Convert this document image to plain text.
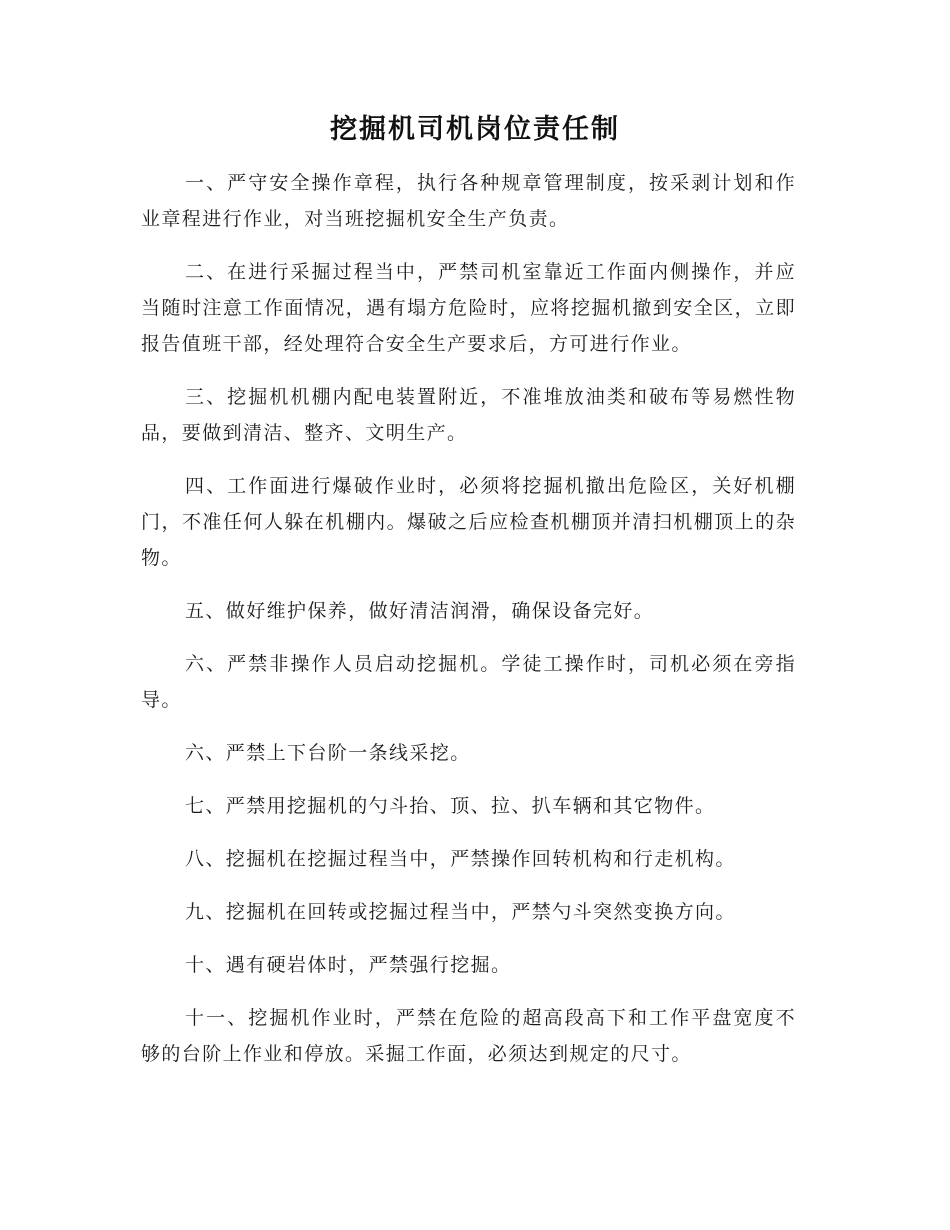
挖掘机司机岗位责任制

一、严守安全操作章程，执行各种规章管理制度，按采剥计划和作业章程进行作业，对当班挖掘机安全生产负责。

二、在进行采掘过程当中，严禁司机室靠近工作面内侧操作，并应当随时注意工作面情况，遇有塌方危险时，应将挖掘机撤到安全区，立即报告值班干部，经处理符合安全生产要求后，方可进行作业。

三、挖掘机机棚内配电装置附近，不准堆放油类和破布等易燃性物品，要做到清洁、整齐、文明生产。

四、工作面进行爆破作业时，必须将挖掘机撤出危险区，关好机棚门，不准任何人躲在机棚内。爆破之后应检查机棚顶并清扫机棚顶上的杂物。

五、做好维护保养，做好清洁润滑，确保设备完好。

六、严禁非操作人员启动挖掘机。学徒工操作时，司机必须在旁指导。

六、严禁上下台阶一条线采挖。

七、严禁用挖掘机的勺斗抬、顶、拉、扒车辆和其它物件。

八、挖掘机在挖掘过程当中，严禁操作回转机构和行走机构。

九、挖掘机在回转或挖掘过程当中，严禁勺斗突然变换方向。

十、遇有硬岩体时，严禁强行挖掘。

十一、挖掘机作业时，严禁在危险的超高段高下和工作平盘宽度不够的台阶上作业和停放。采掘工作面，必须达到规定的尺寸。
